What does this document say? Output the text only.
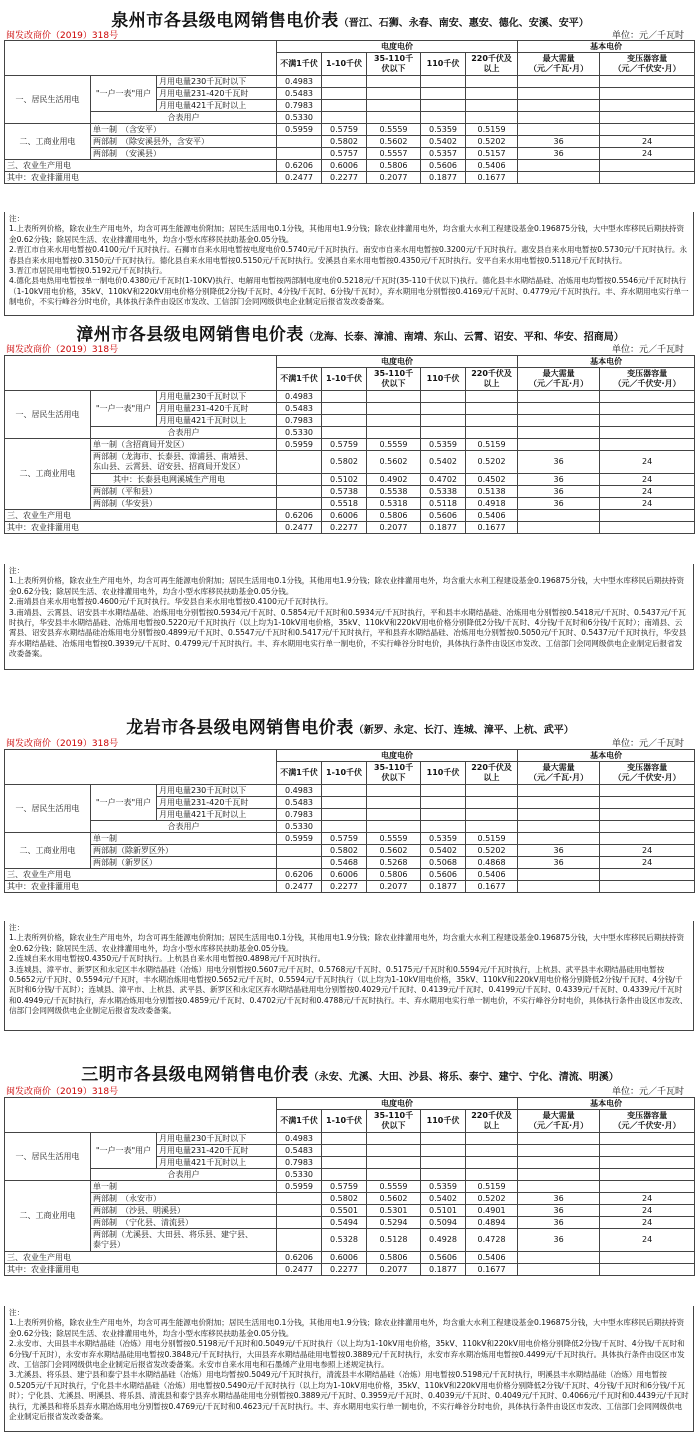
泉州市各县级电网销售电价表（晋江、石狮、永春、南安、惠安、德化、安溪、安平）
闽发改商价（2019）318号	单位：元／千瓦时
			电度电价					基本电价	
			不满1千伏	1-10千伏	35-110千
伏以下	110千伏	220千伏及
以上	最大需量
（元／千瓦·月）	变压器容量
（元／千伏安·月）
一、居民生活用电	"一户一表"用户	月用电量230千瓦时以下	0.4983						
		月用电量231-420千瓦时	0.5483						
		月用电量421千瓦时以上	0.7983						
	合表用户		0.5330						
二、工商业用电	单一制　（含安平）		0.5959	0.5759	0.5559	0.5359	0.5159		
	两部制　（除安溪县外，含安平）			0.5802	0.5602	0.5402	0.5202	36	24
	两部制　（安溪县）			0.5757	0.5557	0.5357	0.5157	36	24
三、农业生产用电			0.6206	0.6006	0.5806	0.5606	0.5406		
其中：农业排灌用电			0.2477	0.2277	0.2077	0.1877	0.1677		

注：

1.上表所列价格，除农业生产用电外，均含可再生能源电价附加；居民生活用电0.1分钱，其他用电1.9分钱；除农业排灌用电外，均含重大水利工程建设基金0.196875分钱，大中型水库移民后期扶持资金0.62分钱；除居民生活、农业排灌用电外，均含小型水库移民扶助基金0.05分钱。

2.晋江市自来水用电暂按0.4100元/千瓦时执行。石狮市自来水用电暂按电度电价0.5740元/千瓦时执行。南安市自来水用电暂按0.3200元/千瓦时执行。惠安县自来水用电暂按0.5730元/千瓦时执行。永春县自来水用电暂按0.3150元/千瓦时执行。德化县自来水用电暂按0.5150元/千瓦时执行。安溪县自来水用电暂按0.4350元/千瓦时执行。安平自来水用电暂按0.5118元/千瓦时执行。

3.晋江市居民用电暂按0.5192元/千瓦时执行。

4.德化县电热用电暂按单一制电价0.4380元/千瓦时(1-10KV)执行、电解用电暂按两部制电度电价0.5218元/千瓦时(35-110千伏以下)执行。德化县丰水期结晶硅、冶炼用电均暂按0.5546元/千瓦时执行（1-10kV用电价格，35kV、110kV和220kV用电价格分别降低2分钱/千瓦时、4分钱/千瓦时、6分钱/千瓦时），弃水期用电分别暂按0.4169元/千瓦时、0.4779元/千瓦时执行。丰、弃水期用电实行单一制电价，不实行峰谷分时电价，具体执行条件由设区市发改、工信部门会同网级供电企业制定后报省发改委备案。

漳州市各县级电网销售电价表（龙海、长泰、漳浦、南靖、东山、云霄、诏安、平和、华安、招商局）
闽发改商价（2019）318号	单位：元／千瓦时
			电度电价					基本电价	
			不满1千伏	1-10千伏	35-110千
伏以下	110千伏	220千伏及
以上	最大需量
（元／千瓦·月）	变压器容量
（元／千伏安·月）
一、居民生活用电	"一户一表"用户	月用电量230千瓦时以下	0.4983						
		月用电量231-420千瓦时	0.5483						
		月用电量421千瓦时以上	0.7983						
	合表用户		0.5330						
二、工商业用电	单一制（含招商局开发区）		0.5959	0.5759	0.5559	0.5359	0.5159		
	两部制（龙海市、长泰县、漳浦县、南靖县、
东山县、云霄县、诏安县、招商局开发区）			0.5802	0.5602	0.5402	0.5202	36	24
	其中：长泰县电网溪城生产用电			0.5102	0.4902	0.4702	0.4502	36	24
	两部制（平和县）			0.5738	0.5538	0.5338	0.5138	36	24
	两部制（华安县）			0.5518	0.5318	0.5118	0.4918	36	24
三、农业生产用电			0.6206	0.6006	0.5806	0.5606	0.5406		
其中：农业排灌用电			0.2477	0.2277	0.2077	0.1877	0.1677		

注：

1.上表所列价格，除农业生产用电外，均含可再生能源电价附加；居民生活用电0.1分钱，其他用电1.9分钱；除农业排灌用电外，均含重大水利工程建设基金0.196875分钱，大中型水库移民后期扶持资金0.62分钱；除居民生活、农业排灌用电外，均含小型水库移民扶助基金0.05分钱。

2.南靖县自来水用电暂按0.4600元/千瓦时执行。华安县自来水用电暂按0.4100元/千瓦时执行。

3.南靖县、云霄县、诏安县丰水期结晶硅、冶炼用电分别暂按0.5934元/千瓦时、0.5854元/千瓦时和0.5934元/千瓦时执行，平和县丰水期结晶硅、冶炼用电分别暂按0.5418元/千瓦时、0.5437元/千瓦时执行，华安县丰水期结晶硅、冶炼用电暂按0.5220元/千瓦时执行（以上均为1-10kV用电价格，35kV、110kV和220kV用电价格分别降低2分钱/千瓦时、4分钱/千瓦时和6分钱/千瓦时）；南靖县、云霄县、诏安县弃水期结晶硅冶炼用电分别暂按0.4899元/千瓦时、0.5547元/千瓦时和0.5417元/千瓦时执行，平和县弃水期结晶硅、冶炼用电分别暂按0.5050元/千瓦时、0.5437元/千瓦时执行，华安县弃水期结晶硅、冶炼用电暂按0.3939元/千瓦时、0.4799元/千瓦时执行。丰、弃水期用电实行单一制电价，不实行峰谷分时电价，具体执行条件由设区市发改、工信部门会同网级供电企业制定后报省发改委备案。

龙岩市各县级电网销售电价表（新罗、永定、长汀、连城、漳平、上杭、武平）
闽发改商价（2019）318号	单位：元／千瓦时
			电度电价					基本电价	
			不满1千伏	1-10千伏	35-110千
伏以下	110千伏	220千伏及
以上	最大需量
（元／千瓦·月）	变压器容量
（元／千伏安·月）
一、居民生活用电	"一户一表"用户	月用电量230千瓦时以下	0.4983						
		月用电量231-420千瓦时	0.5483						
		月用电量421千瓦时以上	0.7983						
	合表用户		0.5330						
二、工商业用电	单一制		0.5959	0.5759	0.5559	0.5359	0.5159		
	两部制（除新罗区外）			0.5802	0.5602	0.5402	0.5202	36	24
	两部制（新罗区）			0.5468	0.5268	0.5068	0.4868	36	24
三、农业生产用电			0.6206	0.6006	0.5806	0.5606	0.5406		
其中：农业排灌用电			0.2477	0.2277	0.2077	0.1877	0.1677		

注：

1.上表所列价格，除农业生产用电外，均含可再生能源电价附加；居民生活用电0.1分钱，其他用电1.9分钱；除农业排灌用电外，均含重大水利工程建设基金0.196875分钱，大中型水库移民后期扶持资金0.62分钱；除居民生活、农业排灌用电外，均含小型水库移民扶助基金0.05分钱。

2.连城自来水用电暂按0.4350元/千瓦时执行。上杭县自来水用电暂按0.4898元/千瓦时执行。

3.连城县、漳平市、新罗区和永定区丰水期结晶硅（冶炼）用电分别暂按0.5607元/千瓦时、0.5768元/千瓦时、0.5175元/千瓦时和0.5594元/千瓦时执行，上杭县、武平县丰水期结晶硅用电暂按0.5652元/千瓦时、0.5594元/千瓦时，丰水期冶炼用电暂按0.5652元/千瓦时、0.5594元/千瓦时执行（以上均为1-10kV用电价格，35kV、110kV和220kV用电价格分别降低2分钱/千瓦时、4分钱/千瓦时和6分钱/千瓦时）；连城县、漳平市、上杭县、武平县、新罗区和永定区弃水期结晶硅用电分别暂按0.4029元/千瓦时、0.4139元/千瓦时、0.4199元/千瓦时、0.4339元/千瓦时、0.4339元/千瓦时和0.4949元/千瓦时执行，弃水期冶炼用电分别暂按0.4859元/千瓦时、0.4702元/千瓦时和0.4788元/千瓦时执行。丰、弃水期用电实行单一制电价，不实行峰谷分时电价，具体执行条件由设区市发改、信部门会同网级供电企业制定后报省发改委备案。

三明市各县级电网销售电价表（永安、尤溪、大田、沙县、将乐、泰宁、建宁、宁化、清流、明溪）
闽发改商价（2019）318号	单位：元／千瓦时
			电度电价					基本电价	
			不满1千伏	1-10千伏	35-110千
伏以下	110千伏	220千伏及
以上	最大需量
（元／千瓦·月）	变压器容量
（元／千伏安·月）
一、居民生活用电	"一户一表"用户	月用电量230千瓦时以下	0.4983						
		月用电量231-420千瓦时	0.5483						
		月用电量421千瓦时以上	0.7983						
	合表用户		0.5330						
二、工商业用电	单一制		0.5959	0.5759	0.5559	0.5359	0.5159		
	两部制　（永安市）			0.5802	0.5602	0.5402	0.5202	36	24
	两部制　（沙县、明溪县）			0.5501	0.5301	0.5101	0.4901	36	24
	两部制　（宁化县、清流县）			0.5494	0.5294	0.5094	0.4894	36	24
	两部制（尤溪县、大田县、将乐县、建宁县、
泰宁县）			0.5328	0.5128	0.4928	0.4728	36	24
三、农业生产用电			0.6206	0.6006	0.5806	0.5606	0.5406		
其中：农业排灌用电			0.2477	0.2277	0.2077	0.1877	0.1677		

注：

1.上表所列价格，除农业生产用电外，均含可再生能源电价附加；居民生活用电0.1分钱，其他用电1.9分钱；除农业排灌用电外，均含重大水利工程建设基金0.196875分钱，大中型水库移民后期扶持资金0.62分钱；除居民生活、农业排灌用电外，均含小型水库移民扶助基金0.05分钱。

2.永安市、大田县丰水期结晶硅（冶炼）用电分别暂按0.5198元/千瓦时和0.5049元/千瓦时执行（以上均为1-10kV用电价格，35kV、110kV和220kV用电价格分别降低2分钱/千瓦时、4分钱/千瓦时和6分钱/千瓦时），永安市弃水期结晶硅用电暂按0.3848元/千瓦时执行，大田县弃水期结晶硅用电暂按0.3889元/千瓦时执行，永安市弃水期冶炼用电暂按0.4499元/千瓦时执行。具体执行条件由设区市发改、工信部门会同网级供电企业制定后报省发改委备案。永安市自来水用电和石墨烯产业用电参照上述规定执行。

3.尤溪县、将乐县、建宁县和泰宁县丰水期结晶硅（冶炼）用电均暂按0.5049元/千瓦时执行，清流县丰水期结晶硅（冶炼）用电暂按0.5198元/千瓦时执行，明溪县丰水期结晶硅（冶炼）用电暂按0.5205元/千瓦时执行，宁化县丰水期结晶硅（冶炼）用电暂按0.5490元/千瓦时执行（以上均为1-10kV用电价格，35kV、110kV和220kV用电价格分别降低2分钱/千瓦时、4分钱/千瓦时和6分钱/千瓦时）；宁化县、尤溪县、明溪县、将乐县、清流县和泰宁县弃水期结晶硅用电分别暂按0.3889元/千瓦时、0.3959元/千瓦时、0.4039元/千瓦时、0.4049元/千瓦时、0.4066元/千瓦时和0.4439元/千瓦时执行，尤溪县和将乐县弃水期冶炼用电分别暂按0.4769元/千瓦时和0.4623元/千瓦时执行。丰、弃水期用电实行单一制电价，不实行峰谷分时电价，具体执行条件由设区市发改、工信部门会同网级供电企业制定后报省发改委备案。
